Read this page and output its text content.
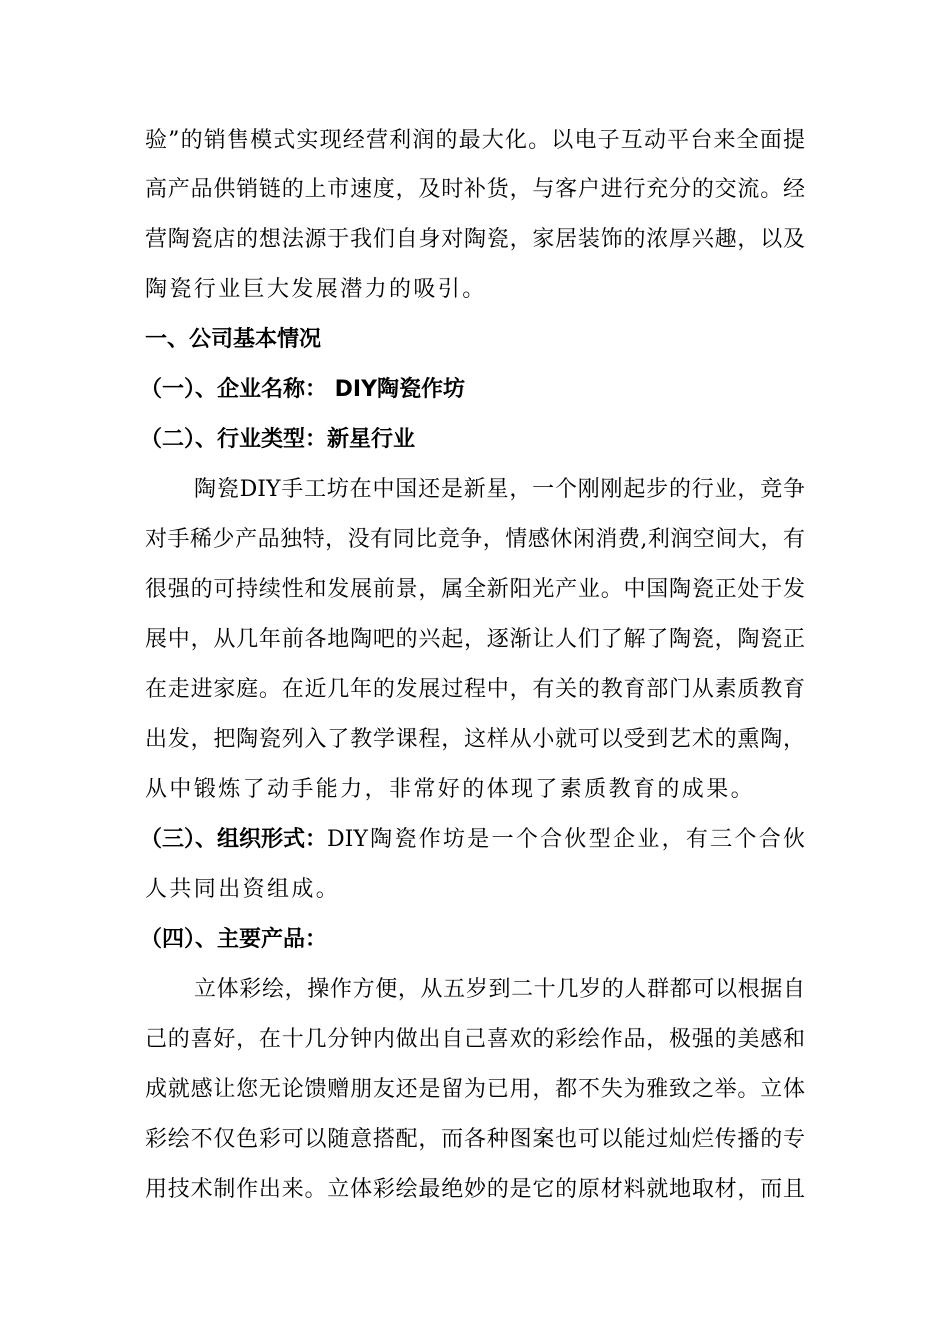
验”的销售模式实现经营利润的最大化。以电子互动平台来全面提
高产品供销链的上市速度，及时补货，与客户进行充分的交流。经
营陶瓷店的想法源于我们自身对陶瓷，家居装饰的浓厚兴趣，以及
陶瓷行业巨大发展潜力的吸引。
一、公司基本情况
（一）、企业名称： DIY陶瓷作坊
（二）、行业类型：新星行业
陶瓷DIY手工坊在中国还是新星，一个刚刚起步的行业，竞争
对手稀少产品独特，没有同比竞争，情感休闲消费,利润空间大，有
很强的可持续性和发展前景，属全新阳光产业。中国陶瓷正处于发
展中，从几年前各地陶吧的兴起，逐渐让人们了解了陶瓷，陶瓷正
在走进家庭。在近几年的发展过程中，有关的教育部门从素质教育
出发，把陶瓷列入了教学课程，这样从小就可以受到艺术的熏陶，
从中锻炼了动手能力，非常好的体现了素质教育的成果。
（三）、组织形式： DIY陶瓷作坊是一个合伙型企业，有三个合伙
人共同出资组成。
（四）、主要产品：
立体彩绘，操作方便，从五岁到二十几岁的人群都可以根据自
己的喜好，在十几分钟内做出自己喜欢的彩绘作品，极强的美感和
成就感让您无论馈赠朋友还是留为已用，都不失为雅致之举。立体
彩绘不仅色彩可以随意搭配，而各种图案也可以能过灿烂传播的专
用技术制作出来。立体彩绘最绝妙的是它的原材料就地取材，而且
